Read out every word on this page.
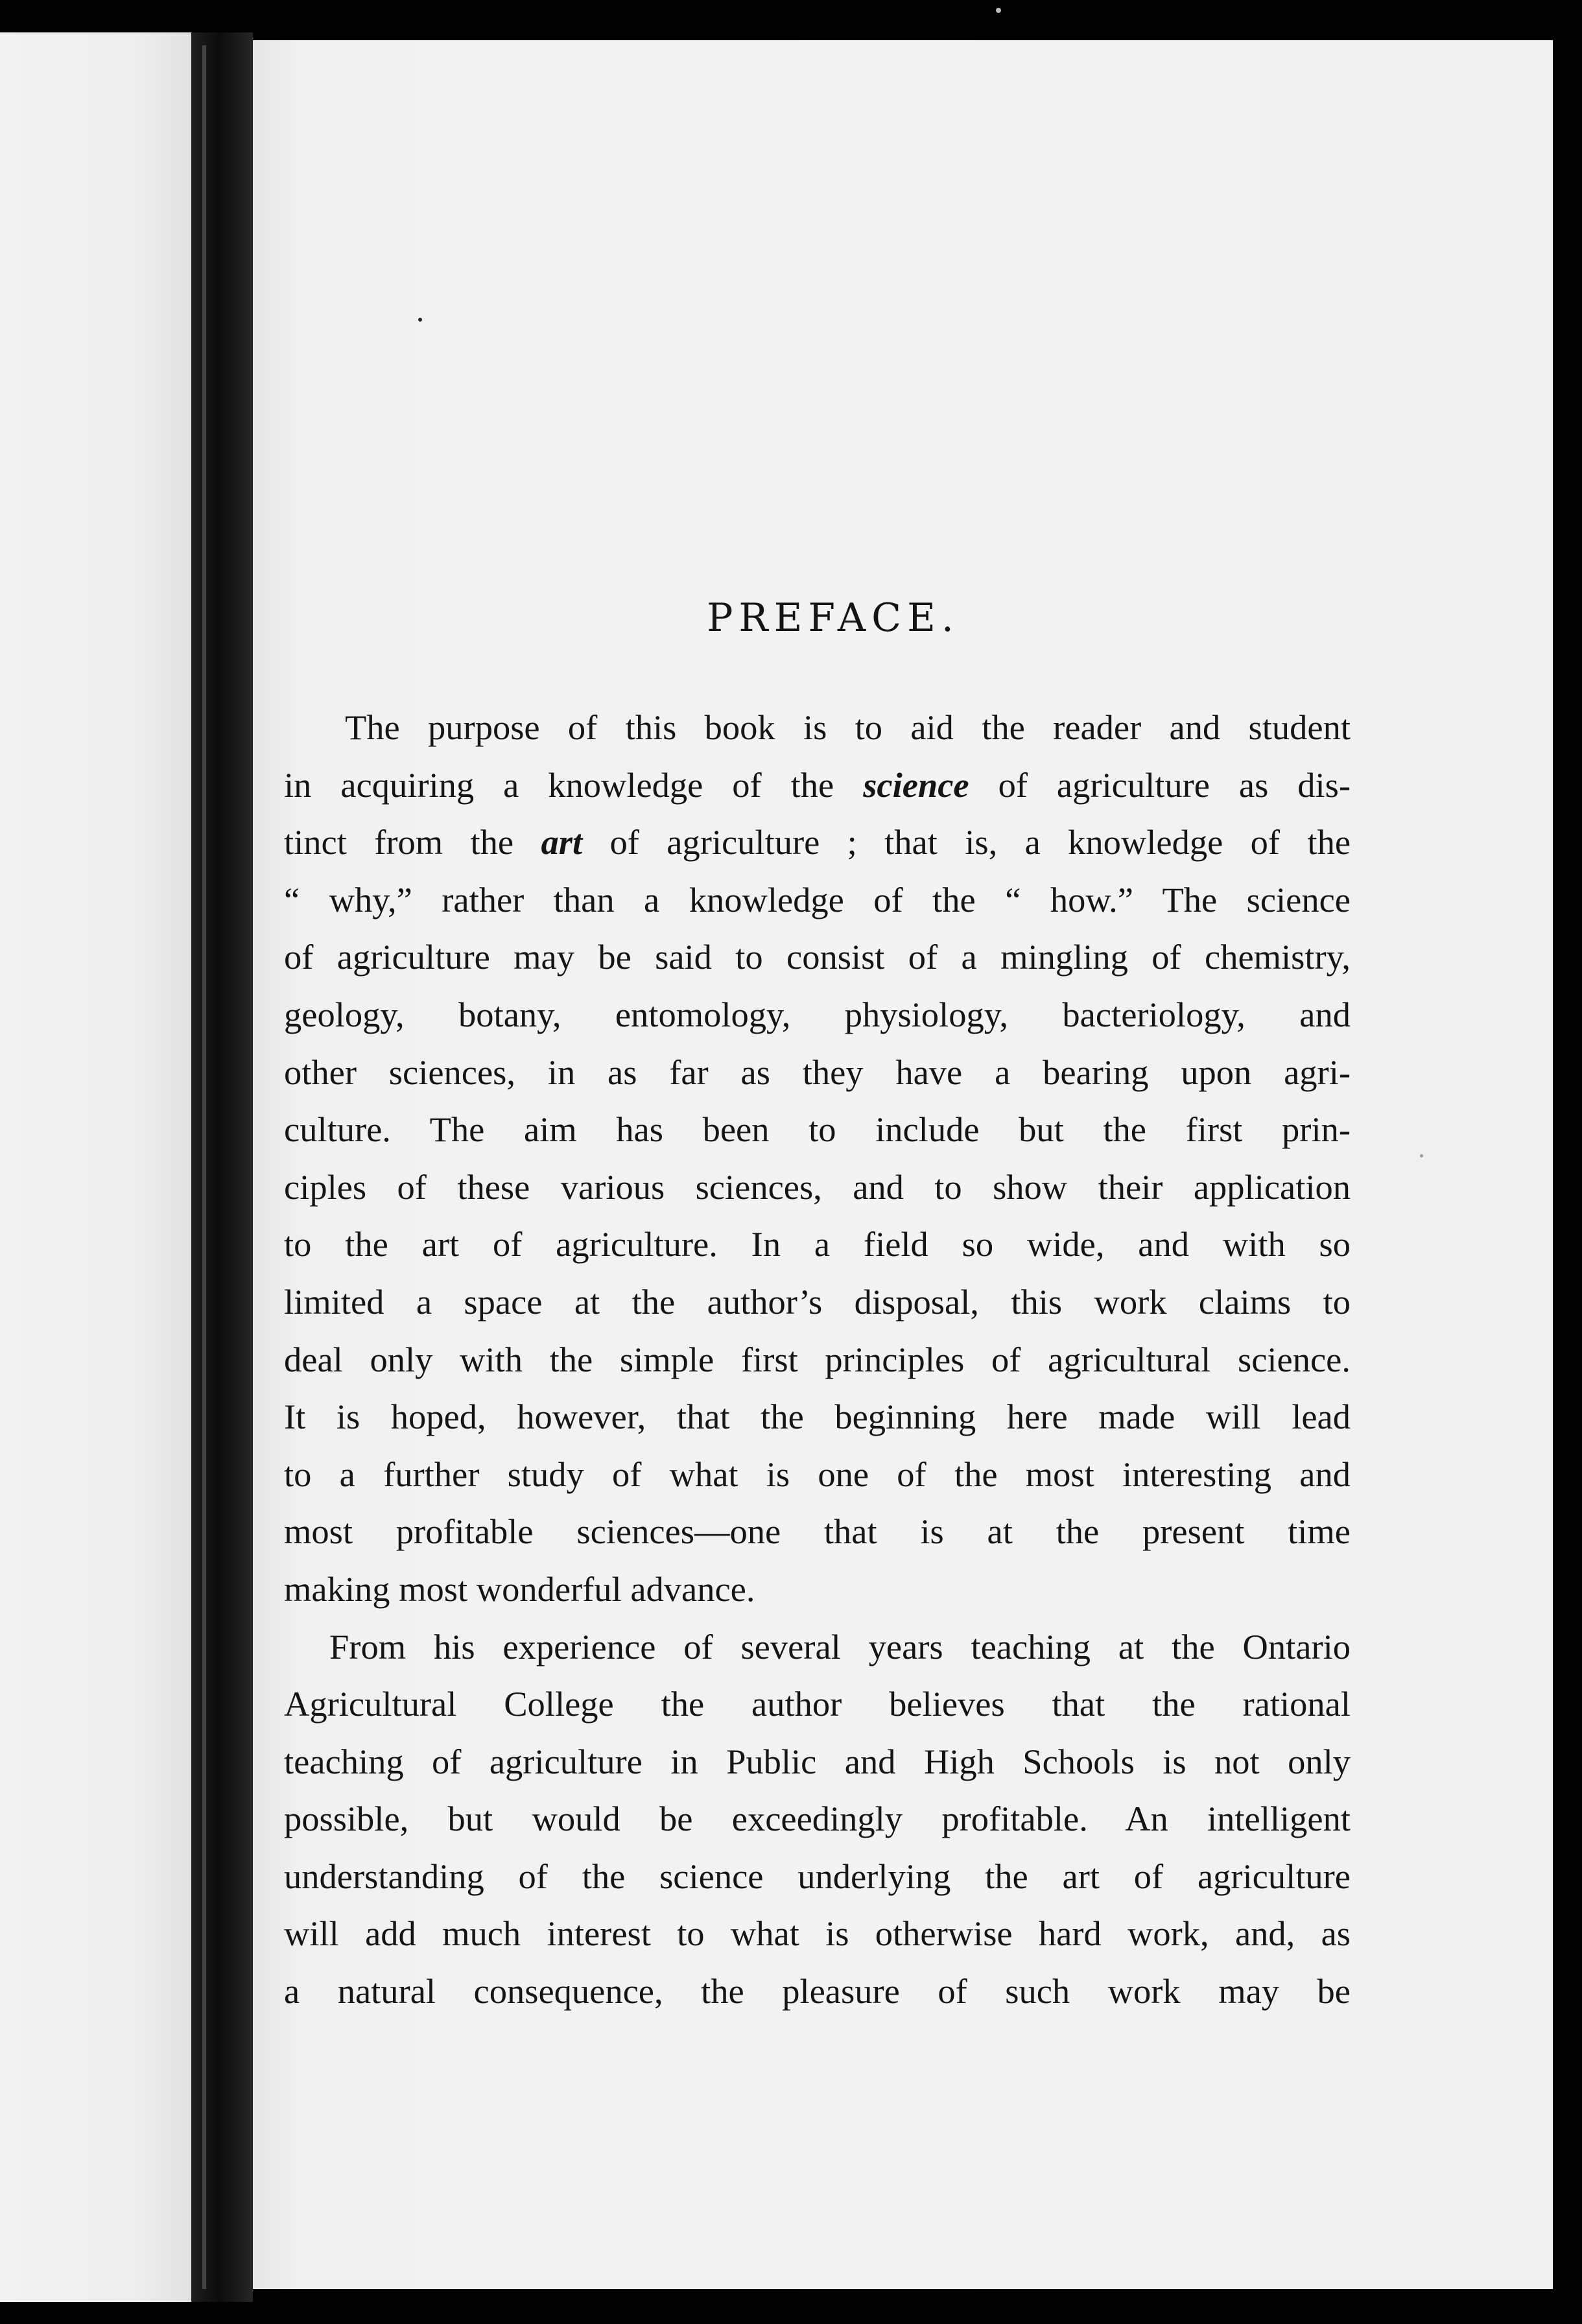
PREFACE.
The purpose of this book is to aid the reader and student
in acquiring a knowledge of the science of agriculture as dis-
tinct from the art of agriculture ; that is, a knowledge of the
“ why,” rather than a knowledge of the “ how.” The science
of agriculture may be said to consist of a mingling of chemistry,
geology, botany, entomology, physiology, bacteriology, and
other sciences, in as far as they have a bearing upon agri-
culture. The aim has been to include but the first prin-
ciples of these various sciences, and to show their application
to the art of agriculture. In a field so wide, and with so
limited a space at the author’s disposal, this work claims to
deal only with the simple first principles of agricultural science.
It is hoped, however, that the beginning here made will lead
to a further study of what is one of the most interesting and
most profitable sciences—one that is at the present time
making most wonderful advance.
From his experience of several years teaching at the Ontario
Agricultural College the author believes that the rational
teaching of agriculture in Public and High Schools is not only
possible, but would be exceedingly profitable. An intelligent
understanding of the science underlying the art of agriculture
will add much interest to what is otherwise hard work, and, as
a natural consequence, the pleasure of such work may be
